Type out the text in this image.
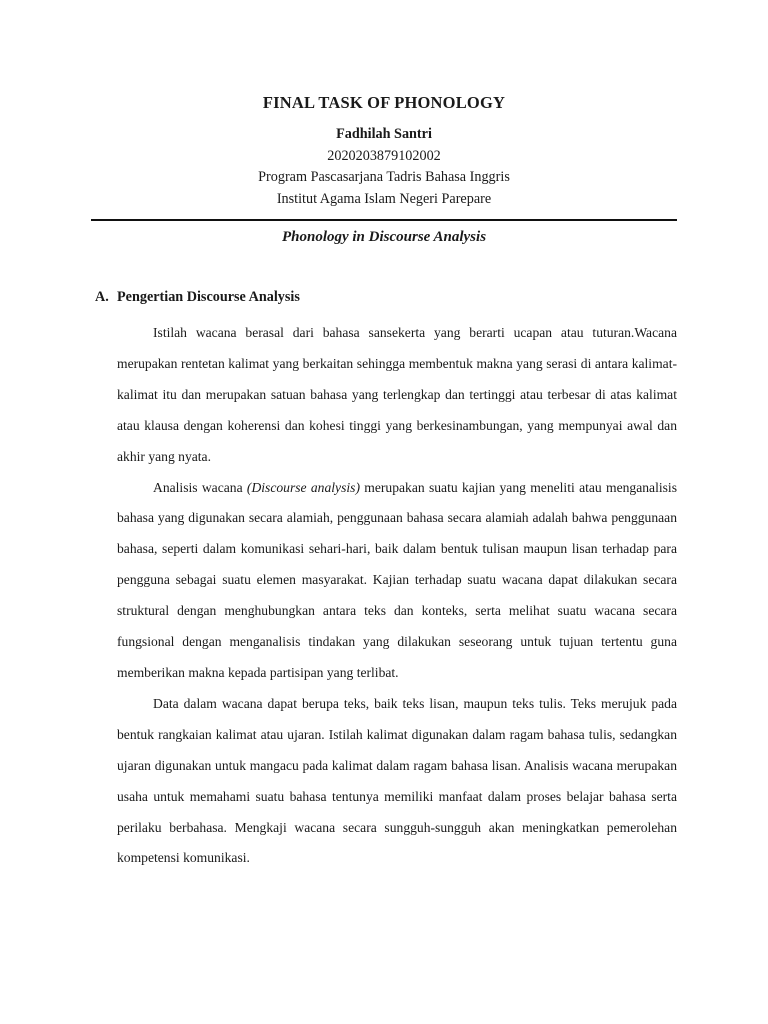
FINAL TASK OF PHONOLOGY
Fadhilah Santri
2020203879102002
Program Pascasarjana Tadris Bahasa Inggris
Institut Agama Islam Negeri Parepare
Phonology in Discourse Analysis
A. Pengertian Discourse Analysis

Istilah wacana berasal dari bahasa sansekerta yang berarti ucapan atau tuturan.Wacana merupakan rentetan kalimat yang berkaitan sehingga membentuk makna yang serasi di antara kalimat-kalimat itu dan merupakan satuan bahasa yang terlengkap dan tertinggi atau terbesar di atas kalimat atau klausa dengan koherensi dan kohesi tinggi yang berkesinambungan, yang mempunyai awal dan akhir yang nyata.

Analisis wacana (Discourse analysis) merupakan suatu kajian yang meneliti atau menganalisis bahasa yang digunakan secara alamiah, penggunaan bahasa secara alamiah adalah bahwa penggunaan bahasa, seperti dalam komunikasi sehari-hari, baik dalam bentuk tulisan maupun lisan terhadap para pengguna sebagai suatu elemen masyarakat. Kajian terhadap suatu wacana dapat dilakukan secara struktural dengan menghubungkan antara teks dan konteks, serta melihat suatu wacana secara fungsional dengan menganalisis tindakan yang dilakukan seseorang untuk tujuan tertentu guna memberikan makna kepada partisipan yang terlibat.

Data dalam wacana dapat berupa teks, baik teks lisan, maupun teks tulis. Teks merujuk pada bentuk rangkaian kalimat atau ujaran. Istilah kalimat digunakan dalam ragam bahasa tulis, sedangkan ujaran digunakan untuk mangacu pada kalimat dalam ragam bahasa lisan. Analisis wacana merupakan usaha untuk memahami suatu bahasa tentunya memiliki manfaat dalam proses belajar bahasa serta perilaku berbahasa. Mengkaji wacana secara sungguh-sungguh akan meningkatkan pemerolehan kompetensi komunikasi.
